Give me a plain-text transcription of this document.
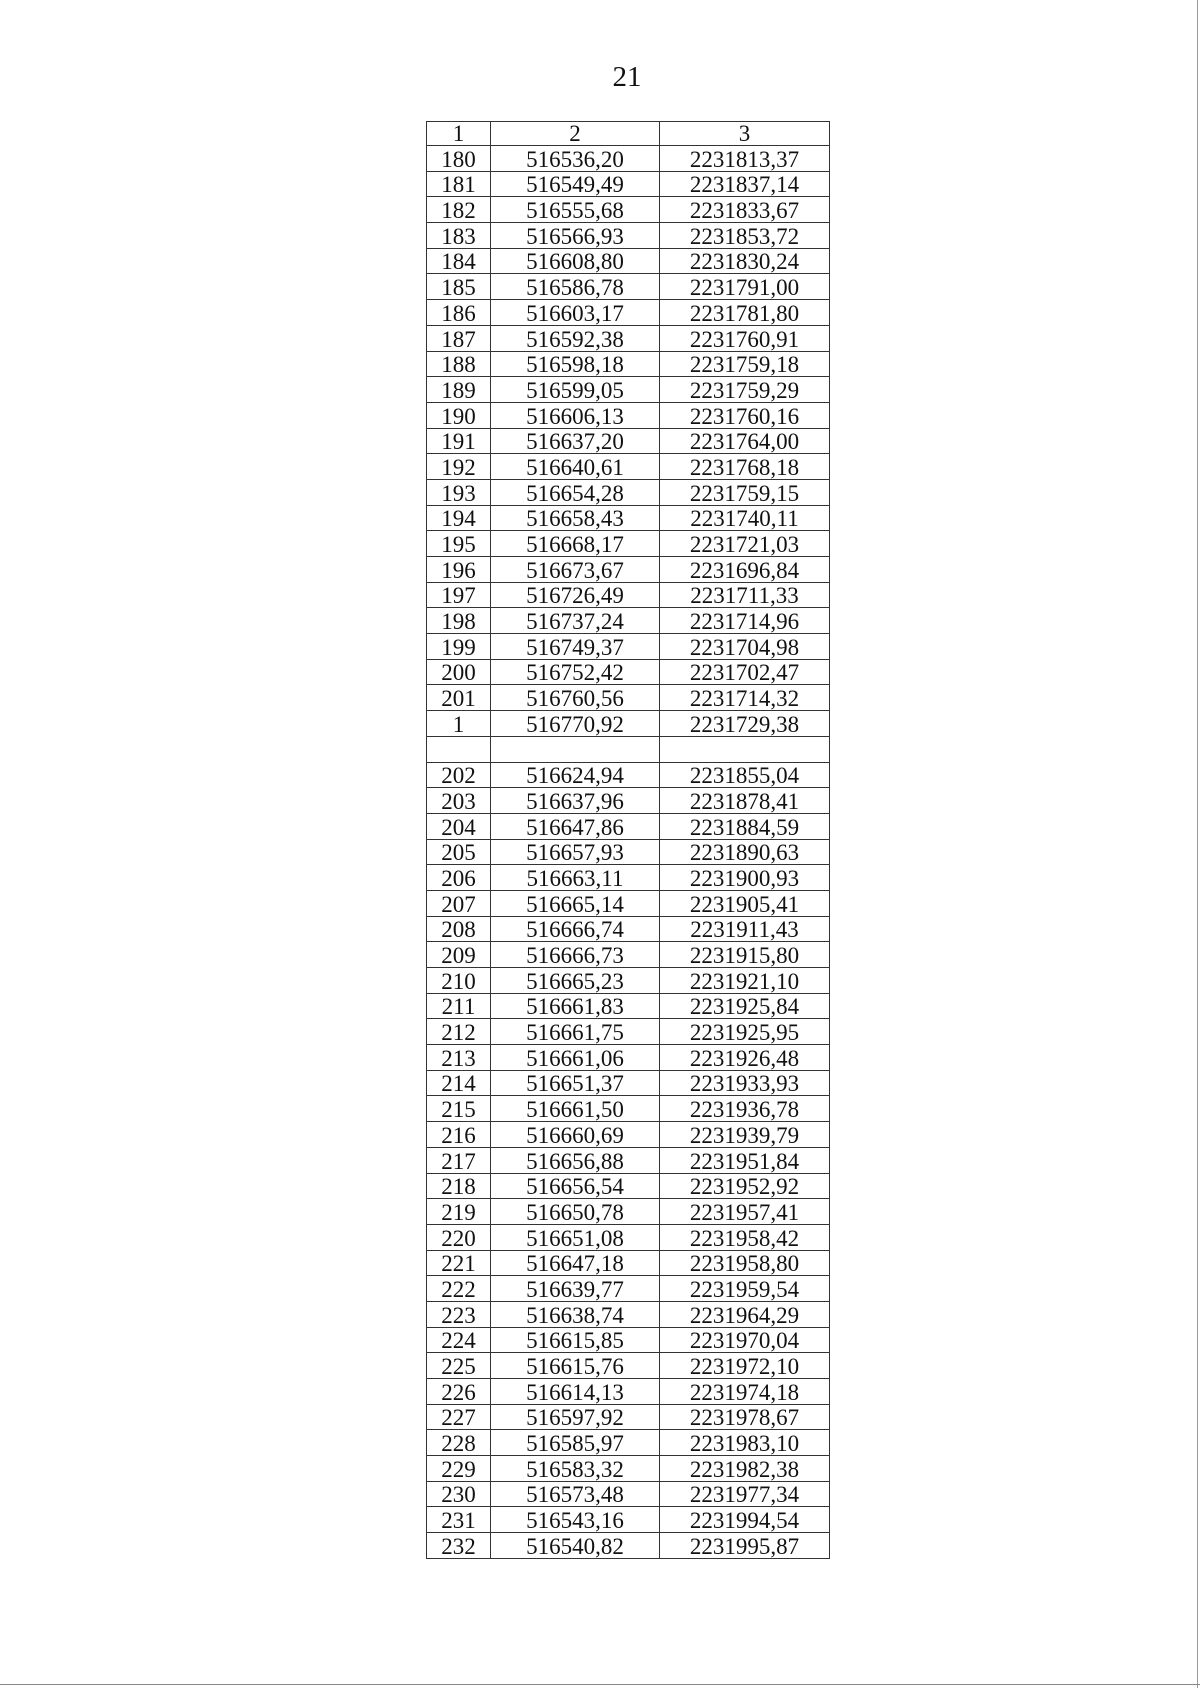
21
1	2	3
180	516536,20	2231813,37
181	516549,49	2231837,14
182	516555,68	2231833,67
183	516566,93	2231853,72
184	516608,80	2231830,24
185	516586,78	2231791,00
186	516603,17	2231781,80
187	516592,38	2231760,91
188	516598,18	2231759,18
189	516599,05	2231759,29
190	516606,13	2231760,16
191	516637,20	2231764,00
192	516640,61	2231768,18
193	516654,28	2231759,15
194	516658,43	2231740,11
195	516668,17	2231721,03
196	516673,67	2231696,84
197	516726,49	2231711,33
198	516737,24	2231714,96
199	516749,37	2231704,98
200	516752,42	2231702,47
201	516760,56	2231714,32
1	516770,92	2231729,38

202	516624,94	2231855,04
203	516637,96	2231878,41
204	516647,86	2231884,59
205	516657,93	2231890,63
206	516663,11	2231900,93
207	516665,14	2231905,41
208	516666,74	2231911,43
209	516666,73	2231915,80
210	516665,23	2231921,10
211	516661,83	2231925,84
212	516661,75	2231925,95
213	516661,06	2231926,48
214	516651,37	2231933,93
215	516661,50	2231936,78
216	516660,69	2231939,79
217	516656,88	2231951,84
218	516656,54	2231952,92
219	516650,78	2231957,41
220	516651,08	2231958,42
221	516647,18	2231958,80
222	516639,77	2231959,54
223	516638,74	2231964,29
224	516615,85	2231970,04
225	516615,76	2231972,10
226	516614,13	2231974,18
227	516597,92	2231978,67
228	516585,97	2231983,10
229	516583,32	2231982,38
230	516573,48	2231977,34
231	516543,16	2231994,54
232	516540,82	2231995,87
